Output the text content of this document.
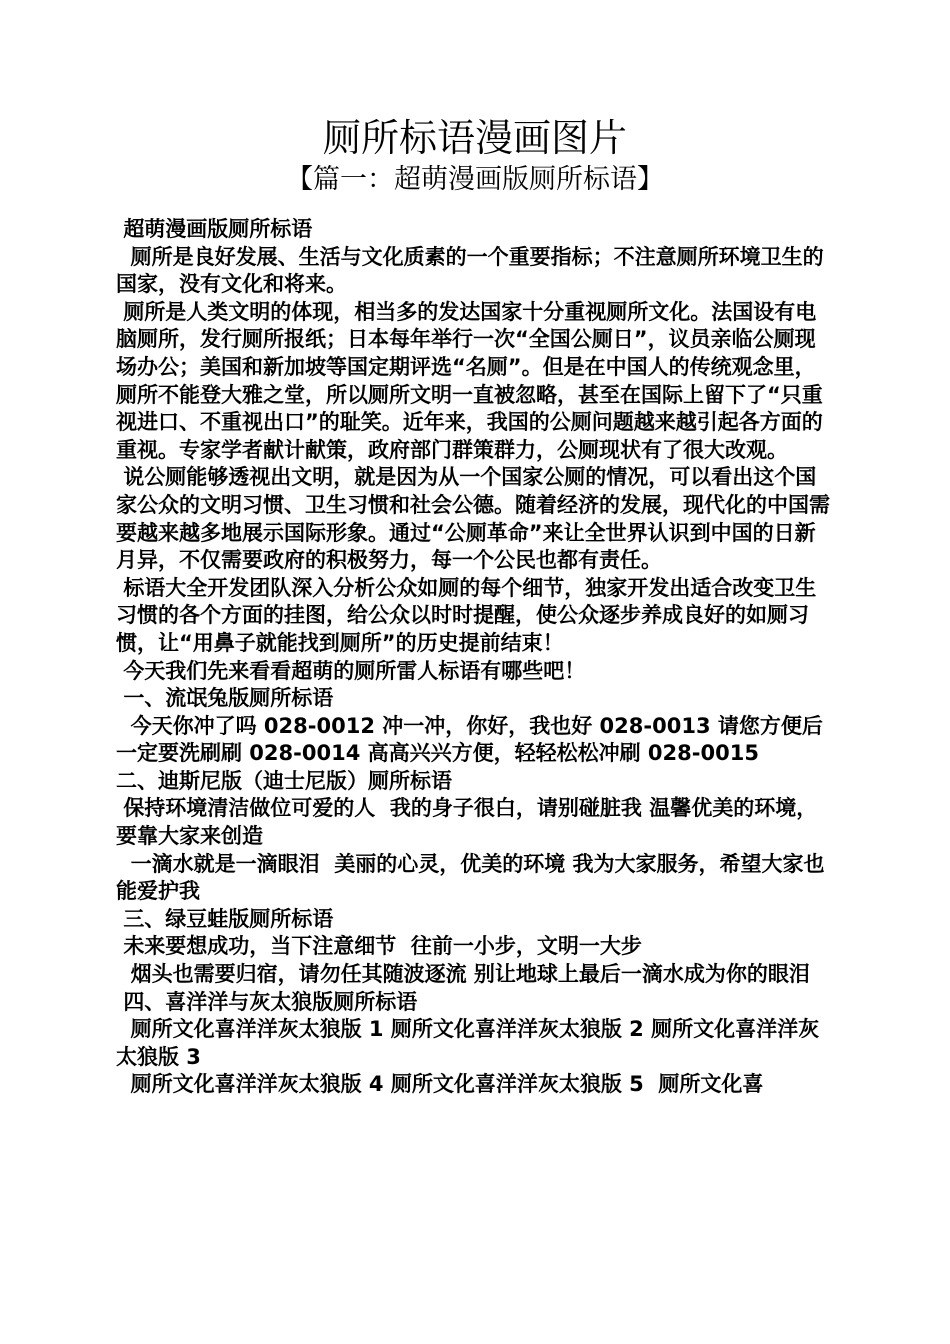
厕所标语漫画图片
【篇一：超萌漫画版厕所标语】

超萌漫画版厕所标语

厕所是良好发展、生活与文化质素的一个重要指标；不注意厕所环境卫生的国家，没有文化和将来。

厕所是人类文明的体现，相当多的发达国家十分重视厕所文化。法国设有电脑厕所，发行厕所报纸；日本每年举行一次“全国公厕日”，议员亲临公厕现场办公；美国和新加坡等国定期评选“名厕”。但是在中国人的传统观念里，厕所不能登大雅之堂，所以厕所文明一直被忽略，甚至在国际上留下了“只重视进口、不重视出口”的耻笑。近年来，我国的公厕问题越来越引起各方面的重视。专家学者献计献策，政府部门群策群力，公厕现状有了很大改观。

说公厕能够透视出文明，就是因为从一个国家公厕的情况，可以看出这个国家公众的文明习惯、卫生习惯和社会公德。随着经济的发展，现代化的中国需要越来越多地展示国际形象。通过“公厕革命”来让全世界认识到中国的日新月异，不仅需要政府的积极努力，每一个公民也都有责任。

标语大全开发团队深入分析公众如厕的每个细节，独家开发出适合改变卫生习惯的各个方面的挂图，给公众以时时提醒，使公众逐步养成良好的如厕习惯，让“用鼻子就能找到厕所”的历史提前结束！

今天我们先来看看超萌的厕所雷人标语有哪些吧！

一、流氓兔版厕所标语

今天你冲了吗 028-0012 冲一冲，你好，我也好 028-0013 请您方便后一定要洗刷刷 028-0014 高高兴兴方便，轻轻松松冲刷 028-0015

二、迪斯尼版（迪士尼版）厕所标语

保持环境清洁做位可爱的人  我的身子很白，请别碰脏我 温馨优美的环境，要靠大家来创造

一滴水就是一滴眼泪  美丽的心灵，优美的环境 我为大家服务，希望大家也能爱护我

三、绿豆蛙版厕所标语

未来要想成功，当下注意细节  往前一小步，文明一大步

烟头也需要归宿，请勿任其随波逐流 别让地球上最后一滴水成为你的眼泪

四、喜洋洋与灰太狼版厕所标语

厕所文化喜洋洋灰太狼版 1 厕所文化喜洋洋灰太狼版 2 厕所文化喜洋洋灰太狼版 3

厕所文化喜洋洋灰太狼版 4 厕所文化喜洋洋灰太狼版 5  厕所文化喜
